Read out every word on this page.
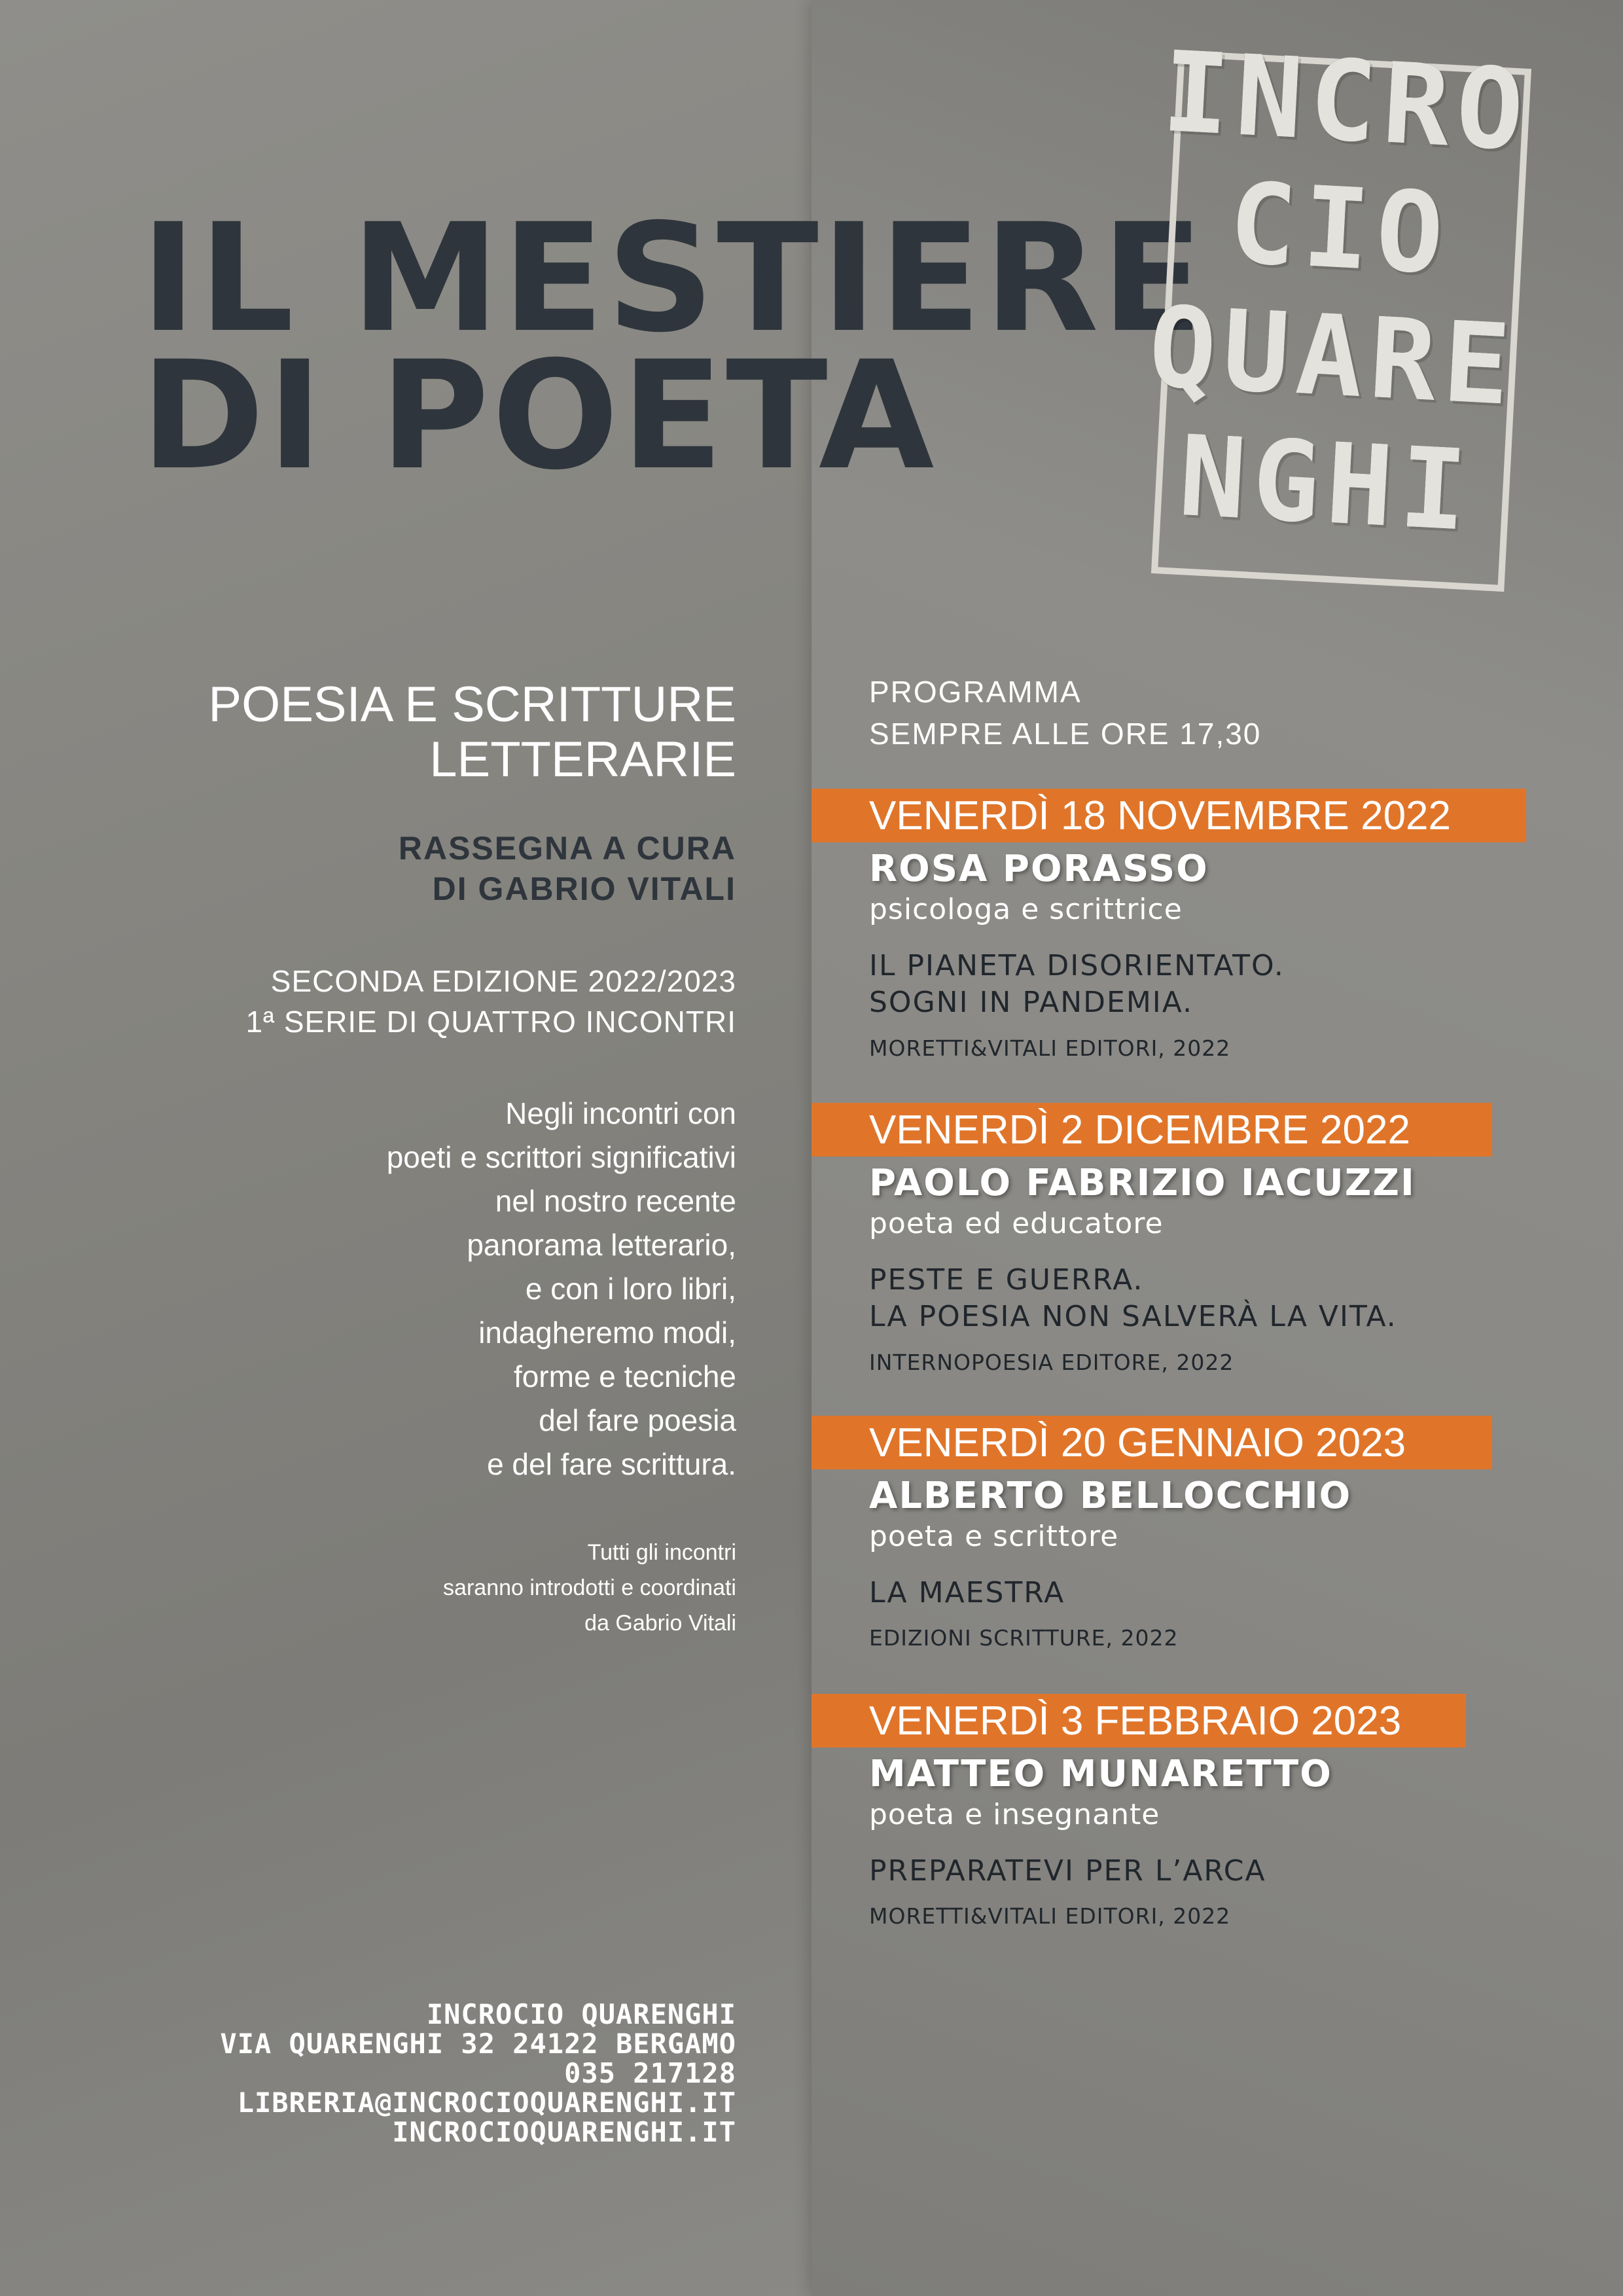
IL MESTIERE
DI POETA
INCRO
CIO
QUARE
NGHI
POESIA E SCRITTURE
LETTERARIE
RASSEGNA A CURA
DI GABRIO VITALI
SECONDA EDIZIONE 2022/2023
1ª SERIE DI QUATTRO INCONTRI
Negli incontri con
poeti e scrittori significativi
nel nostro recente
panorama letterario,
e con i loro libri,
indagheremo modi,
forme e tecniche
del fare poesia
e del fare scrittura.
Tutti gli incontri
saranno introdotti e coordinati
da Gabrio Vitali
INCROCIO QUARENGHI
VIA QUARENGHI 32 24122 BERGAMO
035 217128
LIBRERIA@INCROCIOQUARENGHI.IT
INCROCIOQUARENGHI.IT
PROGRAMMA
SEMPRE ALLE ORE 17,30
VENERDÌ 18 NOVEMBRE 2022
ROSA PORASSO
psicologa e scrittrice
IL PIANETA DISORIENTATO.
SOGNI IN PANDEMIA.
MORETTI&VITALI EDITORI, 2022
VENERDÌ 2 DICEMBRE 2022
PAOLO FABRIZIO IACUZZI
poeta ed educatore
PESTE E GUERRA.
LA POESIA NON SALVERÀ LA VITA.
INTERNOPOESIA EDITORE, 2022
VENERDÌ 20 GENNAIO 2023
ALBERTO BELLOCCHIO
poeta e scrittore
LA MAESTRA
EDIZIONI SCRITTURE, 2022
VENERDÌ 3 FEBBRAIO 2023
MATTEO MUNARETTO
poeta e insegnante
PREPARATEVI PER L’ARCA
MORETTI&VITALI EDITORI, 2022
